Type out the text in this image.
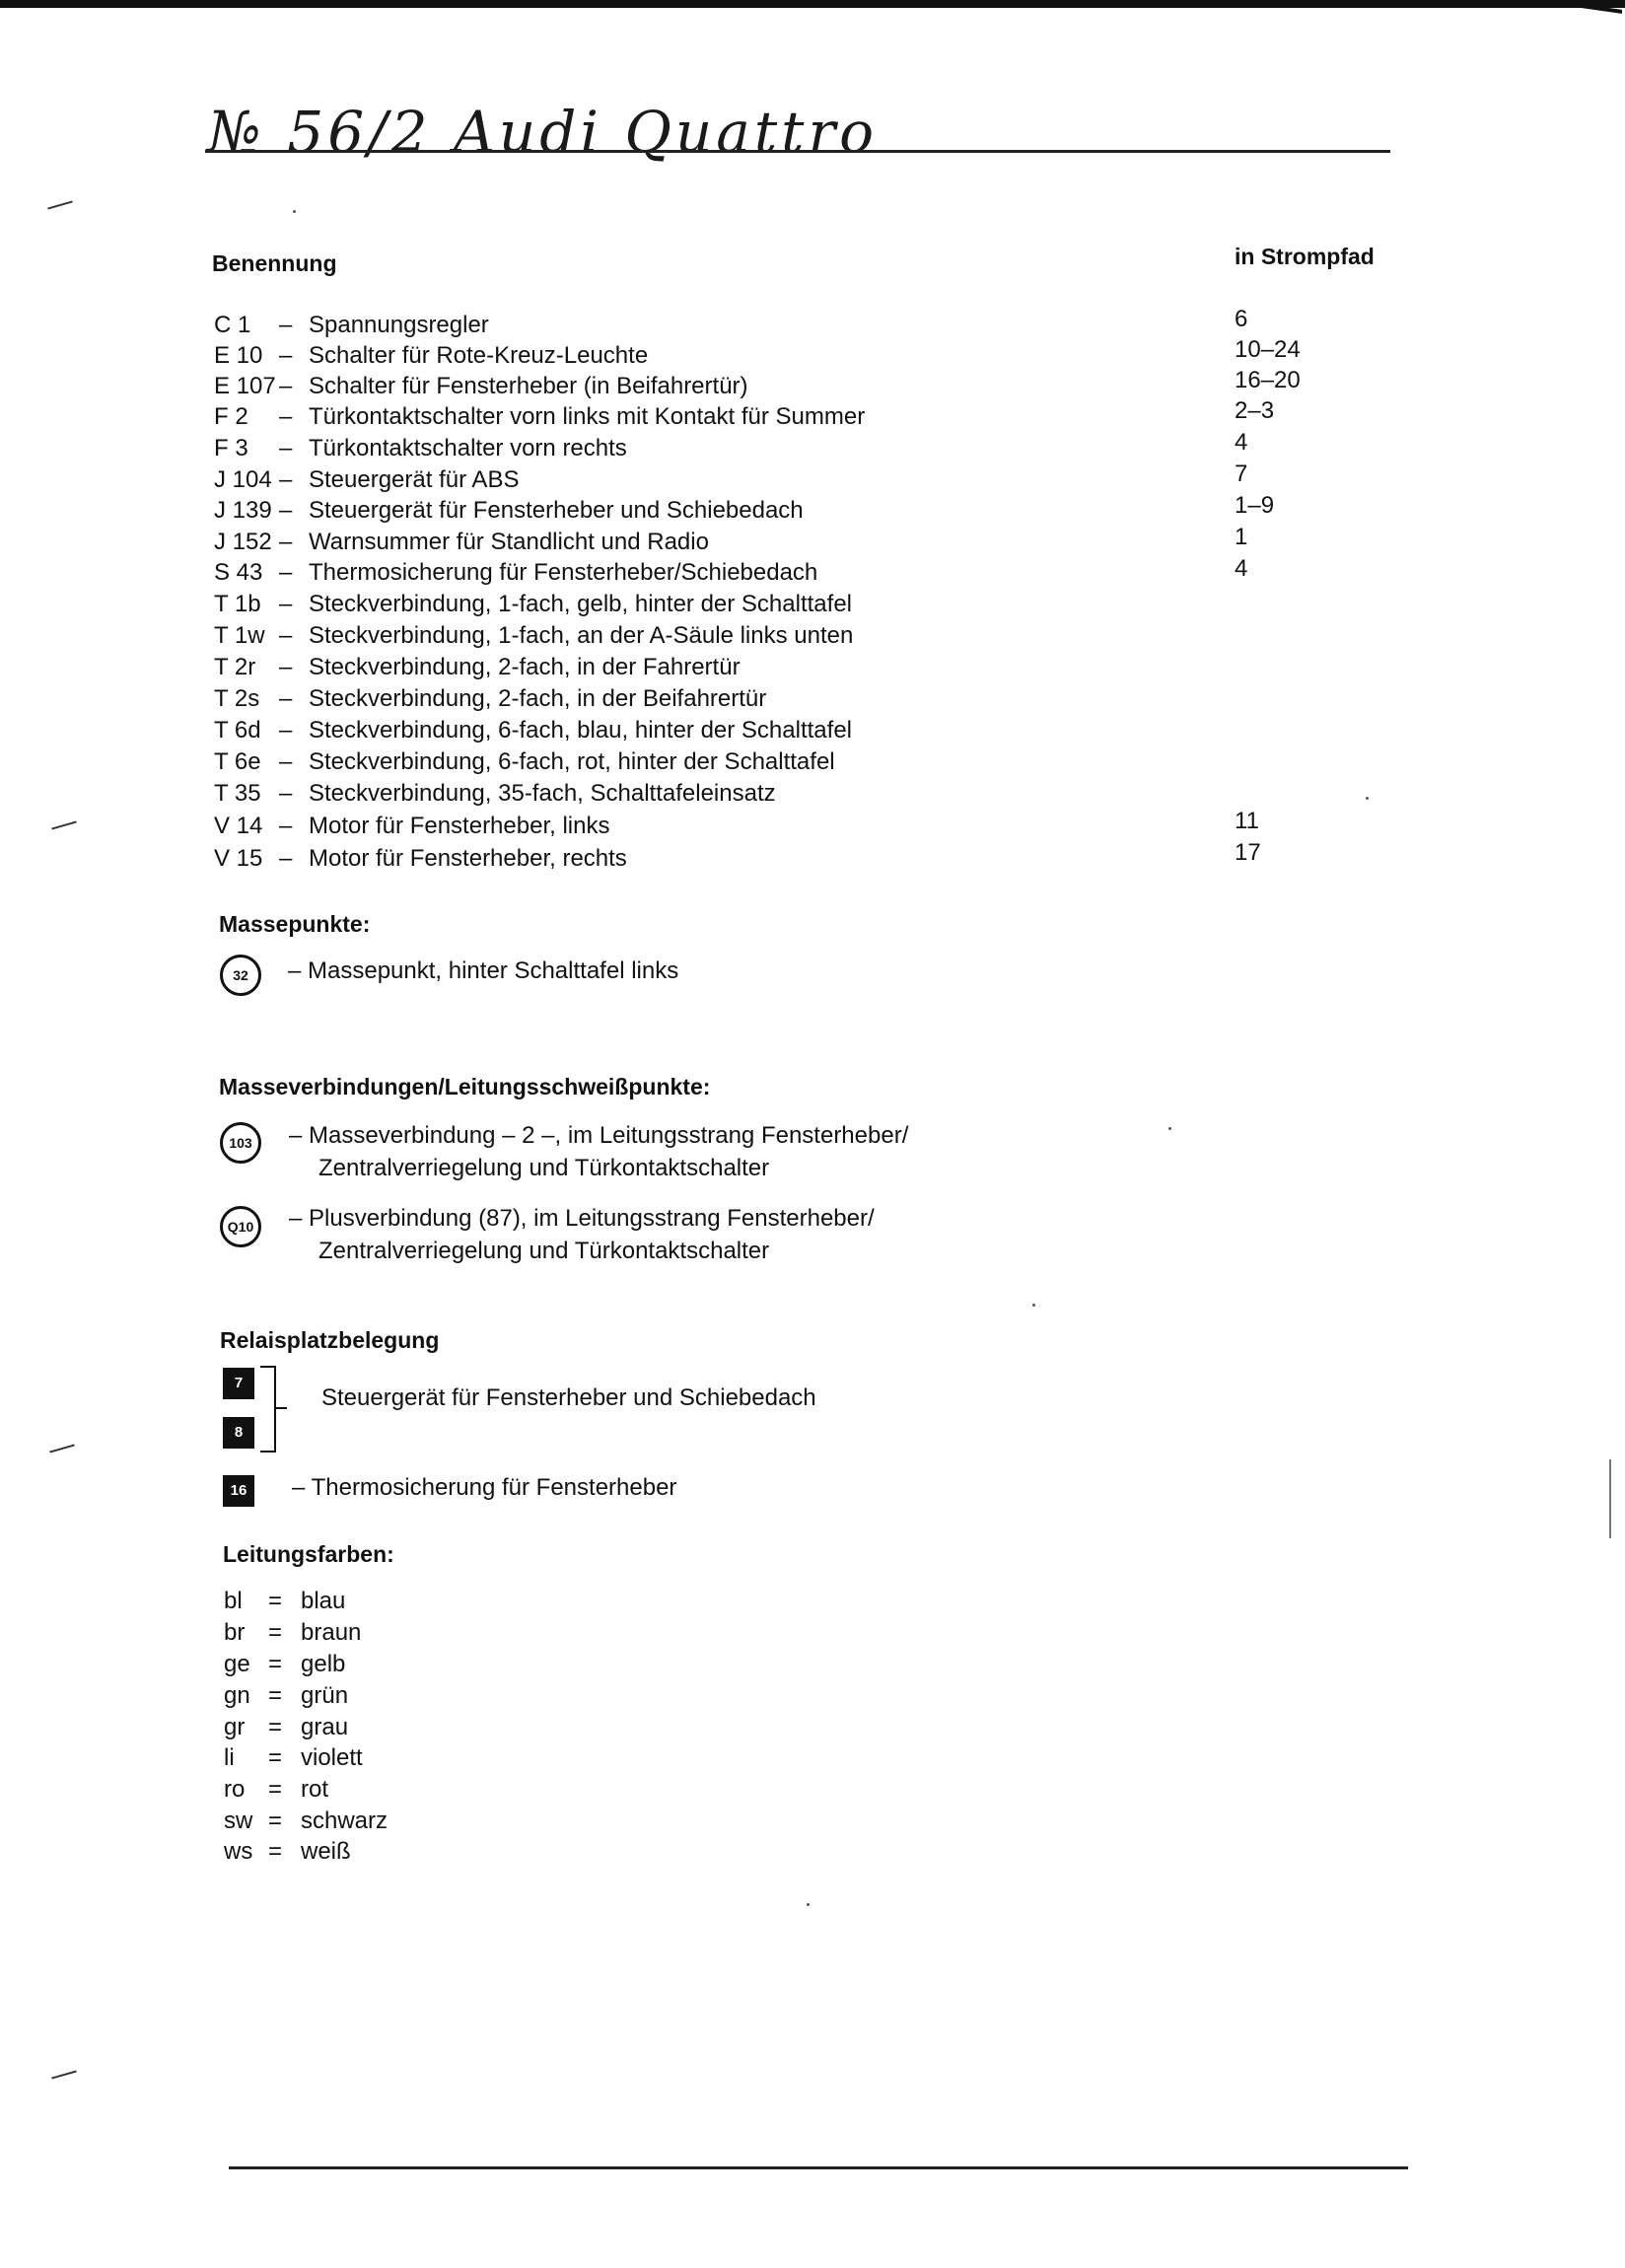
№ 56/2 Audi Quattro
Benennung	in Strompfad
C 1 – Spannungsregler	6
E 10 – Schalter für Rote-Kreuz-Leuchte	10–24
E 107 – Schalter für Fensterheber (in Beifahrertür)	16–20
F 2 – Türkontaktschalter vorn links mit Kontakt für Summer	2–3
F 3 – Türkontaktschalter vorn rechts	4
J 104 – Steuergerät für ABS	7
J 139 – Steuergerät für Fensterheber und Schiebedach	1–9
J 152 – Warnsummer für Standlicht und Radio	1
S 43 – Thermosicherung für Fensterheber/Schiebedach	4
T 1b – Steckverbindung, 1-fach, gelb, hinter der Schalttafel
T 1w – Steckverbindung, 1-fach, an der A-Säule links unten
T 2r – Steckverbindung, 2-fach, in der Fahrertür
T 2s – Steckverbindung, 2-fach, in der Beifahrertür
T 6d – Steckverbindung, 6-fach, blau, hinter der Schalttafel
T 6e – Steckverbindung, 6-fach, rot, hinter der Schalttafel
T 35 – Steckverbindung, 35-fach, Schalttafeleinsatz
V 14 – Motor für Fensterheber, links	11
V 15 – Motor für Fensterheber, rechts	17
Massepunkte:
32	– Massepunkt, hinter Schalttafel links
Masseverbindungen/Leitungsschweißpunkte:
103	– Masseverbindung – 2 –, im Leitungsstrang Fensterheber/
Zentralverriegelung und Türkontaktschalter
Q10	– Plusverbindung (87), im Leitungsstrang Fensterheber/
Zentralverriegelung und Türkontaktschalter
Relaisplatzbelegung
7
8
Steuergerät für Fensterheber und Schiebedach
16	– Thermosicherung für Fensterheber
Leitungsfarben:
bl = blau
br = braun
ge = gelb
gn = grün
gr = grau
li = violett
ro = rot
sw = schwarz
ws = weiß
